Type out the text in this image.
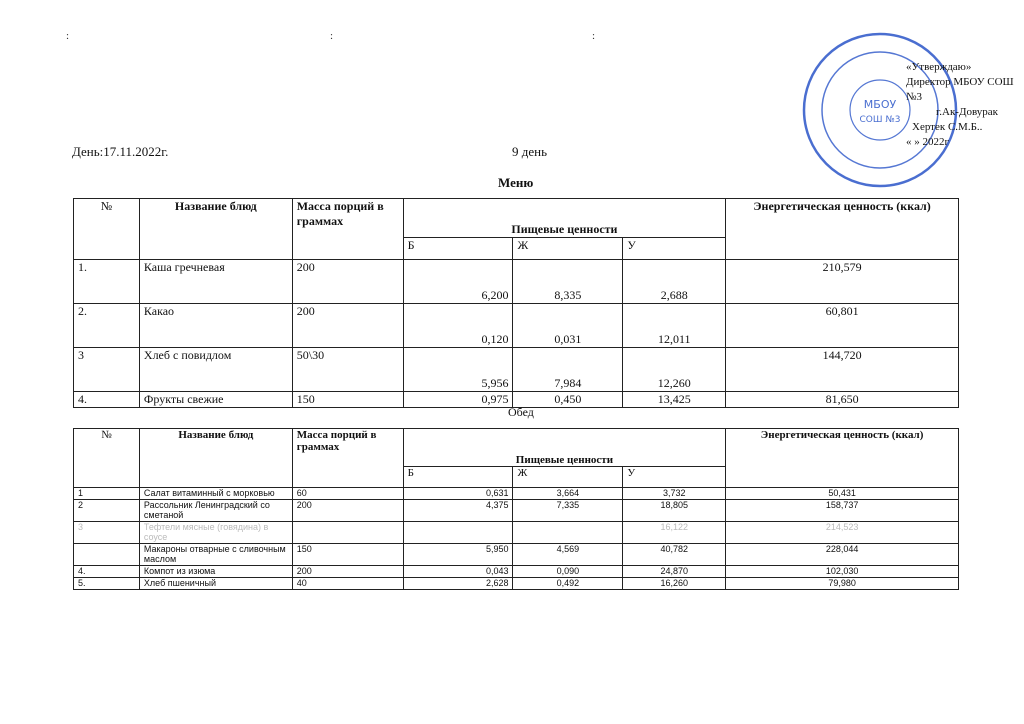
:	:	:
МБОУ
СОШ №3
«Утверждаю»
Директор МБОУ СОШ №3
г.Ак-Довурак
Хертек С.М.Б..
« » 2022г
День:17.11.2022г.	9 день
Меню
№	Название блюд	Масса порций в граммах	Пищевые ценности			Энергетическая ценность (ккал)
			Б	Ж	У	
1.	Каша гречневая	200	6,200	8,335	2,688	210,579
2.	Какао	200	0,120	0,031	12,011	60,801
3	Хлеб с повидлом	50\30	5,956	7,984	12,260	144,720
4.	Фрукты свежие	150	0,975	0,450	13,425	81,650
Обед
№	Название блюд	Масса порций в граммах	Пищевые ценности			Энергетическая ценность (ккал)
			Б	Ж	У	
1	Салат витаминный с морковью	60	0,631	3,664	3,732	50,431
2	Рассольник Ленинградский со сметаной	200	4,375	7,335	18,805	158,737
3	Тефтели мясные (говядина) в соусе				16,122	214,523
	Макароны отварные с сливочным маслом	150	5,950	4,569	40,782	228,044
4.	Компот из изюма	200	0,043	0,090	24,870	102,030
5.	Хлеб пшеничный	40	2,628	0,492	16,260	79,980
